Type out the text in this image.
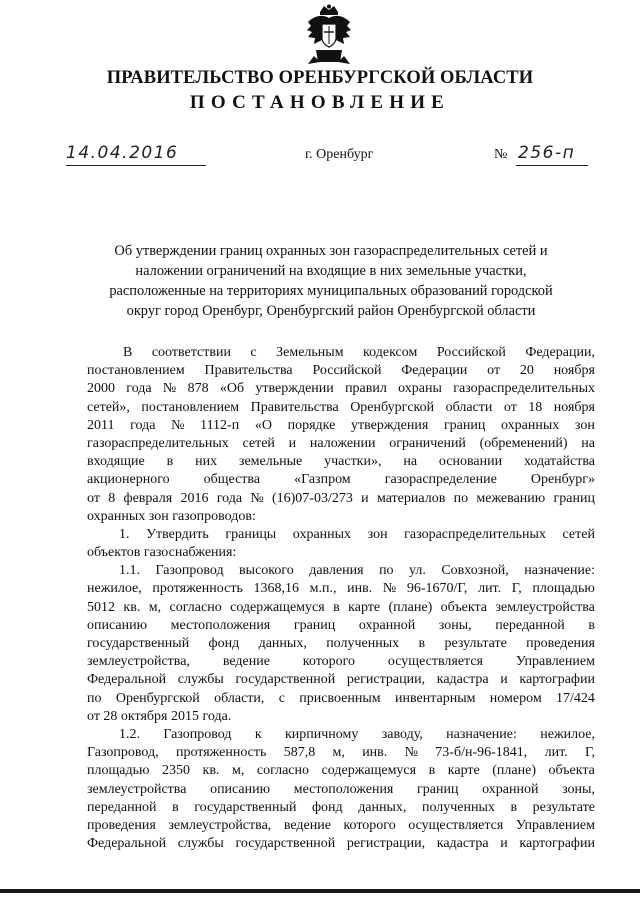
ПРАВИТЕЛЬСТВО ОРЕНБУРГСКОЙ ОБЛАСТИ
ПОСТАНОВЛЕНИЕ
14.04.2016	г. Оренбург	№ 256-п
Об утверждении границ охранных зон газораспределительных сетей и
наложении ограничений на входящие в них земельные участки,
расположенные на территориях муниципальных образований городской
округ город Оренбург, Оренбургский район Оренбургской области
В соответствии с Земельным кодексом Российской Федерации,
постановлением Правительства Российской Федерации от 20 ноября
2000 года № 878 «Об утверждении правил охраны газораспределительных
сетей», постановлением Правительства Оренбургской области от 18 ноября
2011 года № 1112-п «О порядке утверждения границ охранных зон
газораспределительных сетей и наложении ограничений (обременений) на
входящие в них земельные участки», на основании ходатайства
акционерного общества «Газпром газораспределение Оренбург»
от 8 февраля 2016 года № (16)07-03/273 и материалов по межеванию границ
охранных зон газопроводов:
1. Утвердить границы охранных зон газораспределительных сетей
объектов газоснабжения:
1.1. Газопровод высокого давления по ул. Совхозной, назначение:
нежилое, протяженность 1368,16 м.п., инв. № 96-1670/Г, лит. Г, площадью
5012 кв. м, согласно содержащемуся в карте (плане) объекта землеустройства
описанию местоположения границ охранной зоны, переданной в
государственный фонд данных, полученных в результате проведения
землеустройства, ведение которого осуществляется Управлением
Федеральной службы государственной регистрации, кадастра и картографии
по Оренбургской области, с присвоенным инвентарным номером 17/424
от 28 октября 2015 года.
1.2. Газопровод к кирпичному заводу, назначение: нежилое,
Газопровод, протяженность 587,8 м, инв. № 73-б/н-96-1841, лит. Г,
площадью 2350 кв. м, согласно содержащемуся в карте (плане) объекта
землеустройства описанию местоположения границ охранной зоны,
переданной в государственный фонд данных, полученных в результате
проведения землеустройства, ведение которого осуществляется Управлением
Федеральной службы государственной регистрации, кадастра и картографии
